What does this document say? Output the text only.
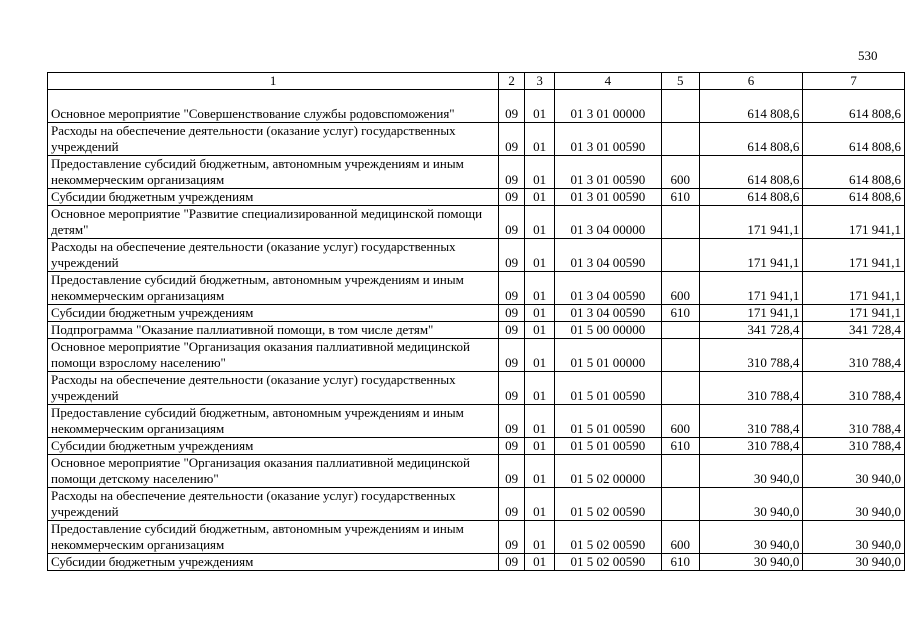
530
1	2	3	4	5	6	7
Основное мероприятие "Совершенствование службы родовспоможения"	09	01	01 3 01 00000		614 808,6	614 808,6
Расходы на обеспечение деятельности (оказание услуг) государственных учреждений	09	01	01 3 01 00590		614 808,6	614 808,6
Предоставление субсидий бюджетным, автономным учреждениям и иным некоммерческим организациям	09	01	01 3 01 00590	600	614 808,6	614 808,6
Субсидии бюджетным учреждениям	09	01	01 3 01 00590	610	614 808,6	614 808,6
Основное мероприятие "Развитие специализированной медицинской помощи детям"	09	01	01 3 04 00000		171 941,1	171 941,1
Расходы на обеспечение деятельности (оказание услуг) государственных учреждений	09	01	01 3 04 00590		171 941,1	171 941,1
Предоставление субсидий бюджетным, автономным учреждениям и иным некоммерческим организациям	09	01	01 3 04 00590	600	171 941,1	171 941,1
Субсидии бюджетным учреждениям	09	01	01 3 04 00590	610	171 941,1	171 941,1
Подпрограмма "Оказание паллиативной помощи, в том числе детям"	09	01	01 5 00 00000		341 728,4	341 728,4
Основное мероприятие "Организация оказания паллиативной медицинской помощи взрослому населению"	09	01	01 5 01 00000		310 788,4	310 788,4
Расходы на обеспечение деятельности (оказание услуг) государственных учреждений	09	01	01 5 01 00590		310 788,4	310 788,4
Предоставление субсидий бюджетным, автономным учреждениям и иным некоммерческим организациям	09	01	01 5 01 00590	600	310 788,4	310 788,4
Субсидии бюджетным учреждениям	09	01	01 5 01 00590	610	310 788,4	310 788,4
Основное мероприятие "Организация оказания паллиативной медицинской помощи детскому населению"	09	01	01 5 02 00000		30 940,0	30 940,0
Расходы на обеспечение деятельности (оказание услуг) государственных учреждений	09	01	01 5 02 00590		30 940,0	30 940,0
Предоставление субсидий бюджетным, автономным учреждениям и иным некоммерческим организациям	09	01	01 5 02 00590	600	30 940,0	30 940,0
Субсидии бюджетным учреждениям	09	01	01 5 02 00590	610	30 940,0	30 940,0
